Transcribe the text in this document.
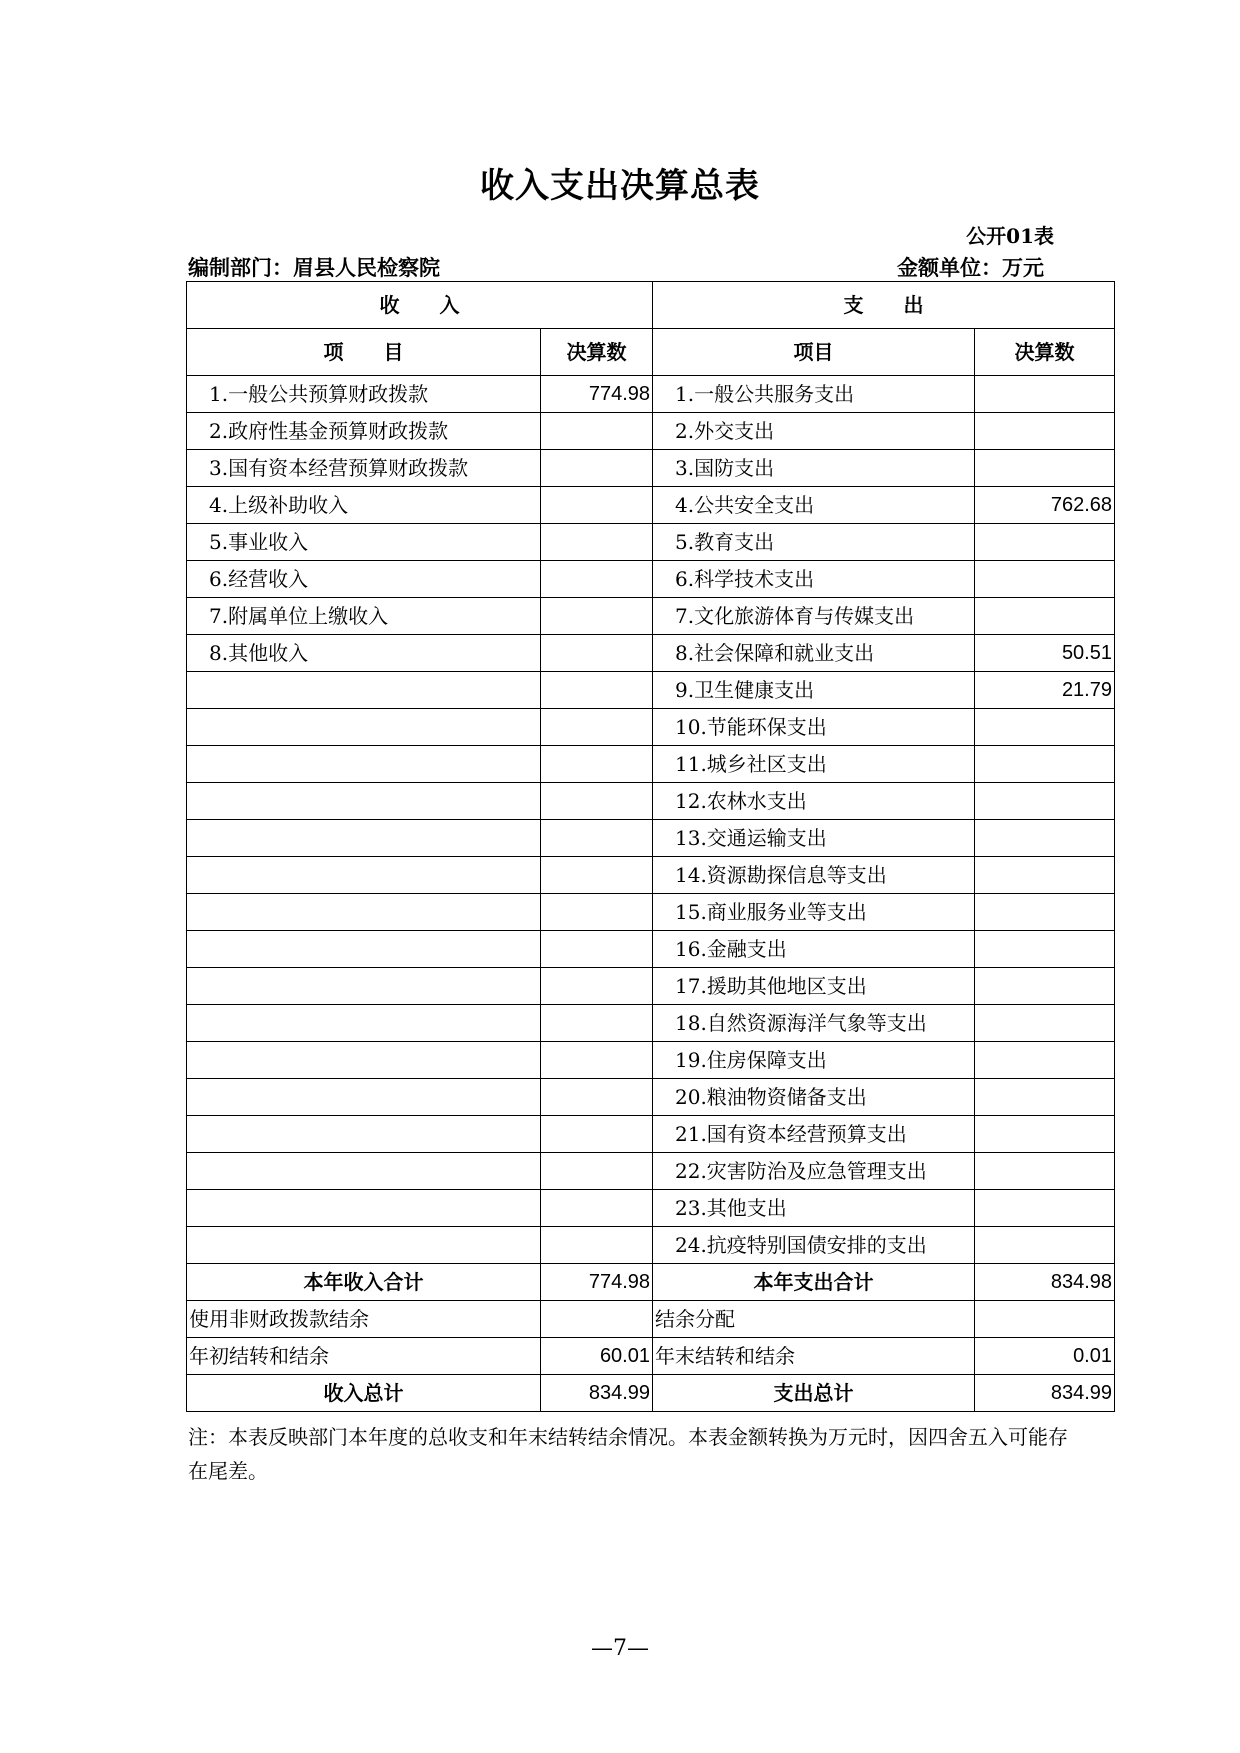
收入支出决算总表
公开01表
编制部门：眉县人民检察院	金额单位：万元
收　　入		支　　出	
项　　目	决算数	项目	决算数
1.一般公共预算财政拨款	774.98	1.一般公共服务支出	
2.政府性基金预算财政拨款		2.外交支出	
3.国有资本经营预算财政拨款		3.国防支出	
4.上级补助收入		4.公共安全支出	762.68
5.事业收入		5.教育支出	
6.经营收入		6.科学技术支出	
7.附属单位上缴收入		7.文化旅游体育与传媒支出	
8.其他收入		8.社会保障和就业支出	50.51
		9.卫生健康支出	21.79
		10.节能环保支出	
		11.城乡社区支出	
		12.农林水支出	
		13.交通运输支出	
		14.资源勘探信息等支出	
		15.商业服务业等支出	
		16.金融支出	
		17.援助其他地区支出	
		18.自然资源海洋气象等支出	
		19.住房保障支出	
		20.粮油物资储备支出	
		21.国有资本经营预算支出	
		22.灾害防治及应急管理支出	
		23.其他支出	
		24.抗疫特别国债安排的支出	
本年收入合计	774.98	本年支出合计	834.98
使用非财政拨款结余		结余分配	
年初结转和结余	60.01	年末结转和结余	0.01
收入总计	834.99	支出总计	834.99
注：本表反映部门本年度的总收支和年末结转结余情况。本表金额转换为万元时，因四舍五入可能存在尾差。
—7—
